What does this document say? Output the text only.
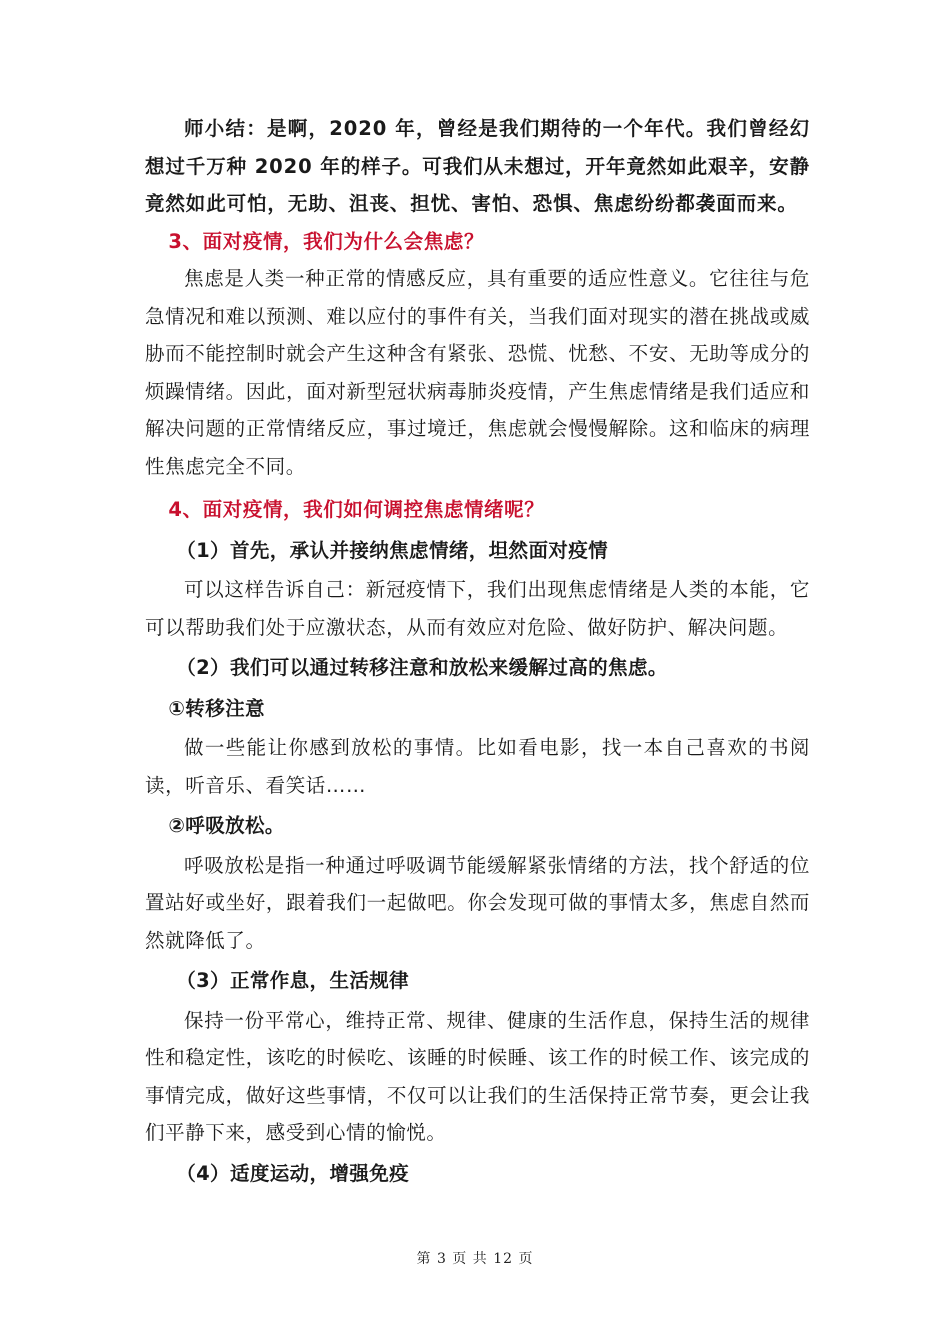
师小结：是啊，2020 年，曾经是我们期待的一个年代。我们曾经幻想过千万种 2020 年的样子。可我们从未想过，开年竟然如此艰辛，安静竟然如此可怕，无助、沮丧、担忧、害怕、恐惧、焦虑纷纷都袭面而来。

3、面对疫情，我们为什么会焦虑？

焦虑是人类一种正常的情感反应，具有重要的适应性意义。它往往与危急情况和难以预测、难以应付的事件有关，当我们面对现实的潜在挑战或威胁而不能控制时就会产生这种含有紧张、恐慌、忧愁、不安、无助等成分的烦躁情绪。因此，面对新型冠状病毒肺炎疫情，产生焦虑情绪是我们适应和解决问题的正常情绪反应，事过境迁，焦虑就会慢慢解除。这和临床的病理性焦虑完全不同。

4、面对疫情，我们如何调控焦虑情绪呢？

（1）首先，承认并接纳焦虑情绪，坦然面对疫情

可以这样告诉自己：新冠疫情下，我们出现焦虑情绪是人类的本能，它可以帮助我们处于应激状态，从而有效应对危险、做好防护、解决问题。

（2）我们可以通过转移注意和放松来缓解过高的焦虑。

①转移注意

做一些能让你感到放松的事情。比如看电影，找一本自己喜欢的书阅读，听音乐、看笑话……

②呼吸放松。

呼吸放松是指一种通过呼吸调节能缓解紧张情绪的方法，找个舒适的位置站好或坐好，跟着我们一起做吧。你会发现可做的事情太多，焦虑自然而然就降低了。

（3）正常作息，生活规律

保持一份平常心，维持正常、规律、健康的生活作息，保持生活的规律性和稳定性，该吃的时候吃、该睡的时候睡、该工作的时候工作、该完成的事情完成，做好这些事情，不仅可以让我们的生活保持正常节奏，更会让我们平静下来，感受到心情的愉悦。

（4）适度运动，增强免疫

第 3 页 共 12 页
